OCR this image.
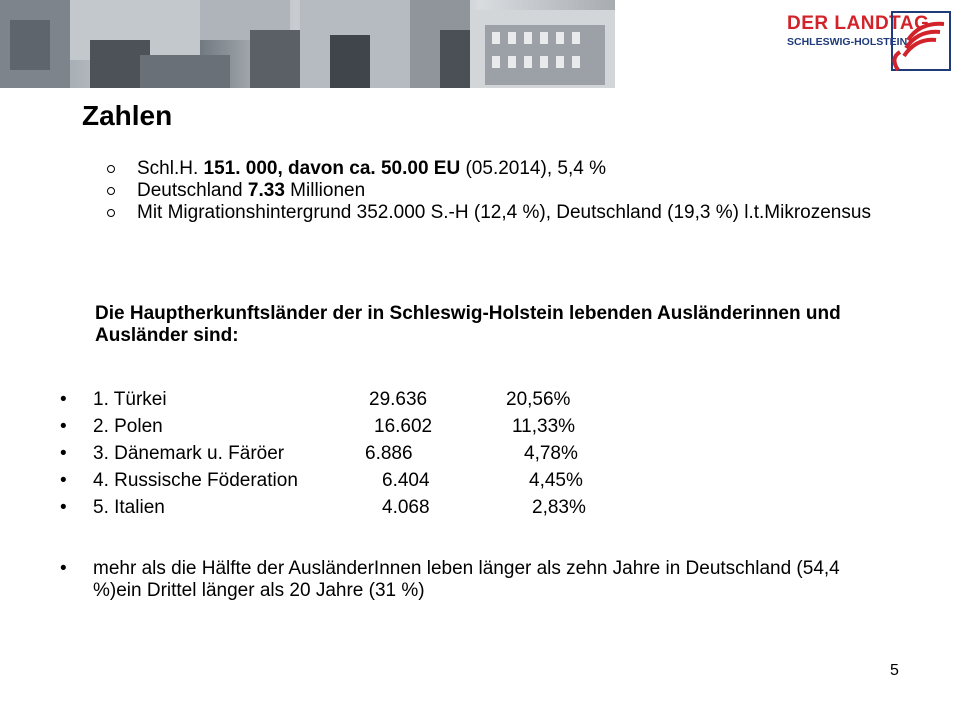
DER LANDTAG
SCHLESWIG-HOLSTEIN
Zahlen
Schl.H. 151. 000, davon ca. 50.00 EU (05.2014), 5,4 %
Deutschland 7.33 Millionen
Mit Migrationshintergrund 352.000 S.-H (12,4 %), Deutschland (19,3 %) l.t.Mikrozensus

Die Hauptherkunftsländer der in Schleswig-Holstein lebenden Ausländerinnen und Ausländer sind:

• 1. Türkei	29.636	20,56%
• 2. Polen	16.602	11,33%
• 3. Dänemark u. Färöer	6.886	4,78%
• 4. Russische Föderation	6.404	4,45%
• 5. Italien	4.068	2,83%
• mehr als die Hälfte der AusländerInnen leben länger als zehn Jahre in Deutschland (54,4 %)ein Drittel länger als 20 Jahre (31 %)
5
